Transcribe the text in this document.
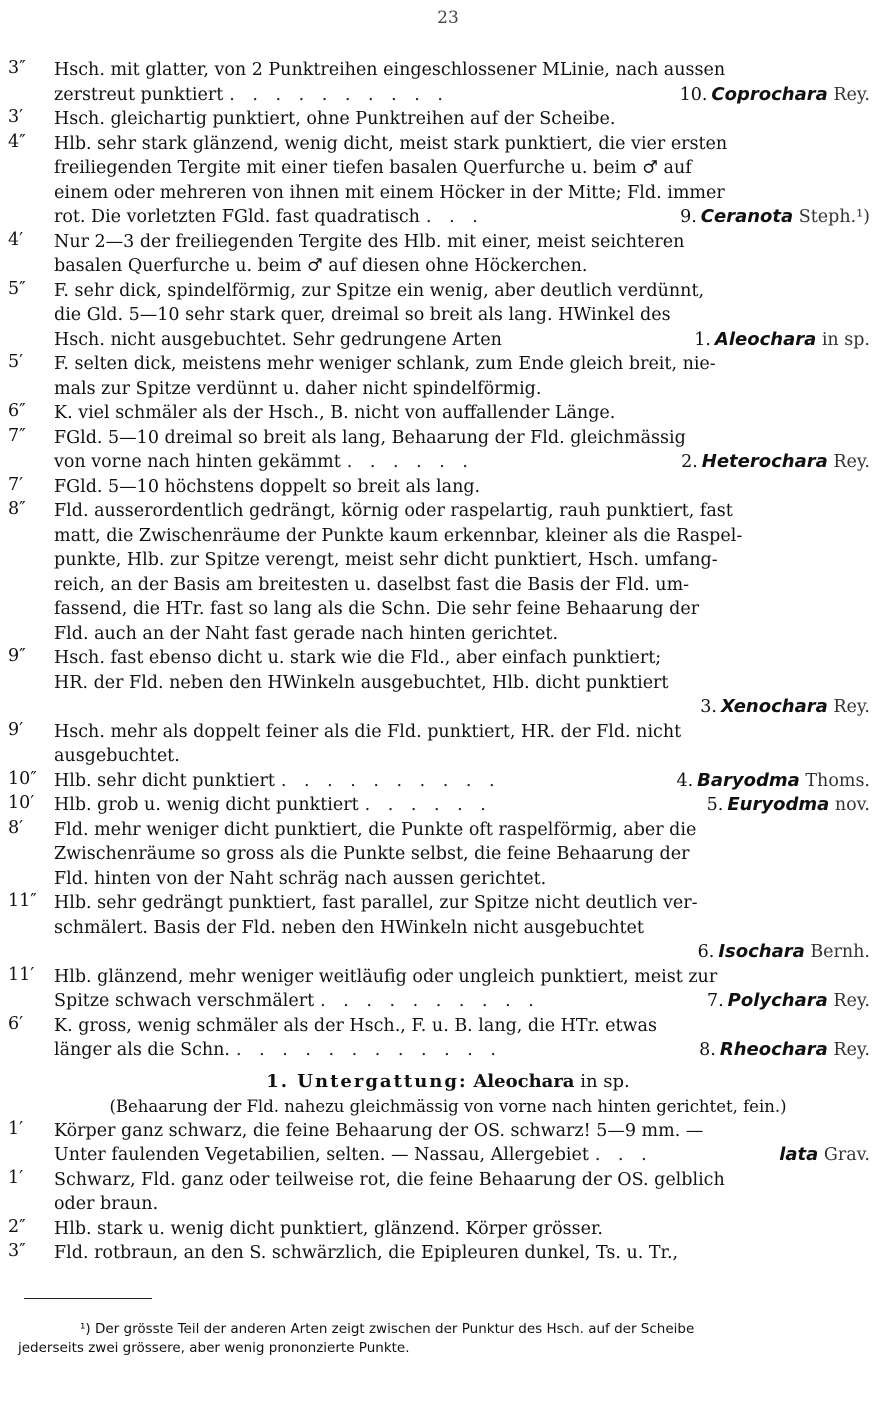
23
3″	Hsch. mit glatter, von 2 Punktreihen eingeschlossener MLinie, nach aussen
zerstreut punktiert . . . . . . . . . .	10. Coprochara Rey.
3′	Hsch. gleichartig punktiert, ohne Punktreihen auf der Scheibe.
4″	Hlb. sehr stark glänzend, wenig dicht, meist stark punktiert, die vier ersten
freiliegenden Tergite mit einer tiefen basalen Querfurche u. beim ♂ auf
einem oder mehreren von ihnen mit einem Höcker in der Mitte; Fld. immer
rot. Die vorletzten FGld. fast quadratisch . . .	9. Ceranota Steph.¹)
4′	Nur 2—3 der freiliegenden Tergite des Hlb. mit einer, meist seichteren
basalen Querfurche u. beim ♂ auf diesen ohne Höckerchen.
5″	F. sehr dick, spindelförmig, zur Spitze ein wenig, aber deutlich verdünnt,
die Gld. 5—10 sehr stark quer, dreimal so breit als lang. HWinkel des
Hsch. nicht ausgebuchtet. Sehr gedrungene Arten	1. Aleochara in sp.
5′	F. selten dick, meistens mehr weniger schlank, zum Ende gleich breit, nie-
mals zur Spitze verdünnt u. daher nicht spindelförmig.
6″	K. viel schmäler als der Hsch., B. nicht von auffallender Länge.
7″	FGld. 5—10 dreimal so breit als lang, Behaarung der Fld. gleichmässig
von vorne nach hinten gekämmt . . . . . .	2. Heterochara Rey.
7′	FGld. 5—10 höchstens doppelt so breit als lang.
8″	Fld. ausserordentlich gedrängt, körnig oder raspelartig, rauh punktiert, fast
matt, die Zwischenräume der Punkte kaum erkennbar, kleiner als die Raspel-
punkte, Hlb. zur Spitze verengt, meist sehr dicht punktiert, Hsch. umfang-
reich, an der Basis am breitesten u. daselbst fast die Basis der Fld. um-
fassend, die HTr. fast so lang als die Schn. Die sehr feine Behaarung der
Fld. auch an der Naht fast gerade nach hinten gerichtet.
9″	Hsch. fast ebenso dicht u. stark wie die Fld., aber einfach punktiert;
HR. der Fld. neben den HWinkeln ausgebuchtet, Hlb. dicht punktiert
3. Xenochara Rey.
9′	Hsch. mehr als doppelt feiner als die Fld. punktiert, HR. der Fld. nicht
ausgebuchtet.
10″ Hlb. sehr dicht punktiert . . . . . . . . . .	4. Baryodma Thoms.
10′	Hlb. grob u. wenig dicht punktiert . . . . . .	5. Euryodma nov.
8′	Fld. mehr weniger dicht punktiert, die Punkte oft raspelförmig, aber die
Zwischenräume so gross als die Punkte selbst, die feine Behaarung der
Fld. hinten von der Naht schräg nach aussen gerichtet.
11″ Hlb. sehr gedrängt punktiert, fast parallel, zur Spitze nicht deutlich ver-
schmälert. Basis der Fld. neben den HWinkeln nicht ausgebuchtet
6. Isochara Bernh.
11′	Hlb. glänzend, mehr weniger weitläufig oder ungleich punktiert, meist zur
Spitze schwach verschmälert . . . . . . . . . .	7. Polychara Rey.
6′	K. gross, wenig schmäler als der Hsch., F. u. B. lang, die HTr. etwas
länger als die Schn. . . . . . . . . . . . .	8. Rheochara Rey.
1. Untergattung: Aleochara in sp.
(Behaarung der Fld. nahezu gleichmässig von vorne nach hinten gerichtet, fein.)
1′	Körper ganz schwarz, die feine Behaarung der OS. schwarz! 5—9 mm. —
Unter faulenden Vegetabilien, selten. — Nassau, Allergebiet . . .	lata Grav.
1′	Schwarz, Fld. ganz oder teilweise rot, die feine Behaarung der OS. gelblich
oder braun.
2″	Hlb. stark u. wenig dicht punktiert, glänzend. Körper grösser.
3″	Fld. rotbraun, an den S. schwärzlich, die Epipleuren dunkel, Ts. u. Tr.,
¹) Der grösste Teil der anderen Arten zeigt zwischen der Punktur des Hsch. auf der Scheibe
jederseits zwei grössere, aber wenig prononzierte Punkte.
